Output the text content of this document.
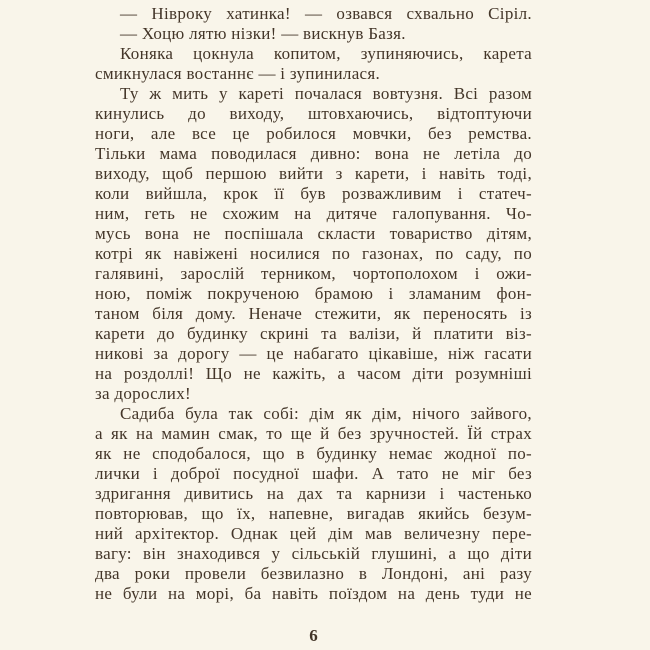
— Нівроку хатинка! — озвався схвально Сіріл.
— Хоцю лятю нізки! — вискнув Базя.
Коняка цокнула копитом, зупиняючись, карета
смикнулася востаннє — і зупинилася.
Ту ж мить у кареті почалася вовтузня. Всі разом
кинулись до виходу, штовхаючись, відтоптуючи
ноги, але все це робилося мовчки, без ремства.
Тільки мама поводилася дивно: вона не летіла до
виходу, щоб першою вийти з карети, і навіть тоді,
коли вийшла, крок її був розважливим і статеч-
ним, геть не схожим на дитяче галопування. Чо-
мусь вона не поспішала скласти товариство дітям,
котрі як навіжені носилися по газонах, по саду, по
галявині, зарослій терником, чортополохом і ожи-
ною, поміж покрученою брамою і зламаним фон-
таном біля дому. Неначе стежити, як переносять із
карети до будинку скрині та валізи, й платити віз-
никові за дорогу — це набагато цікавіше, ніж гасати
на роздоллі! Що не кажіть, а часом діти розумніші
за дорослих!
Садиба була так собі: дім як дім, нічого зайвого,
а як на мамин смак, то ще й без зручностей. Їй страх
як не сподобалося, що в будинку немає жодної по-
лички і доброї посудної шафи. А тато не міг без
здригання дивитись на дах та карнизи і частенько
повторював, що їх, напевне, вигадав якийсь безум-
ний архітектор. Однак цей дім мав величезну пере-
вагу: він знаходився у сільській глушині, а що діти
два роки провели безвилазно в Лондоні, ані разу
не були на морі, ба навіть поїздом на день туди не
6
